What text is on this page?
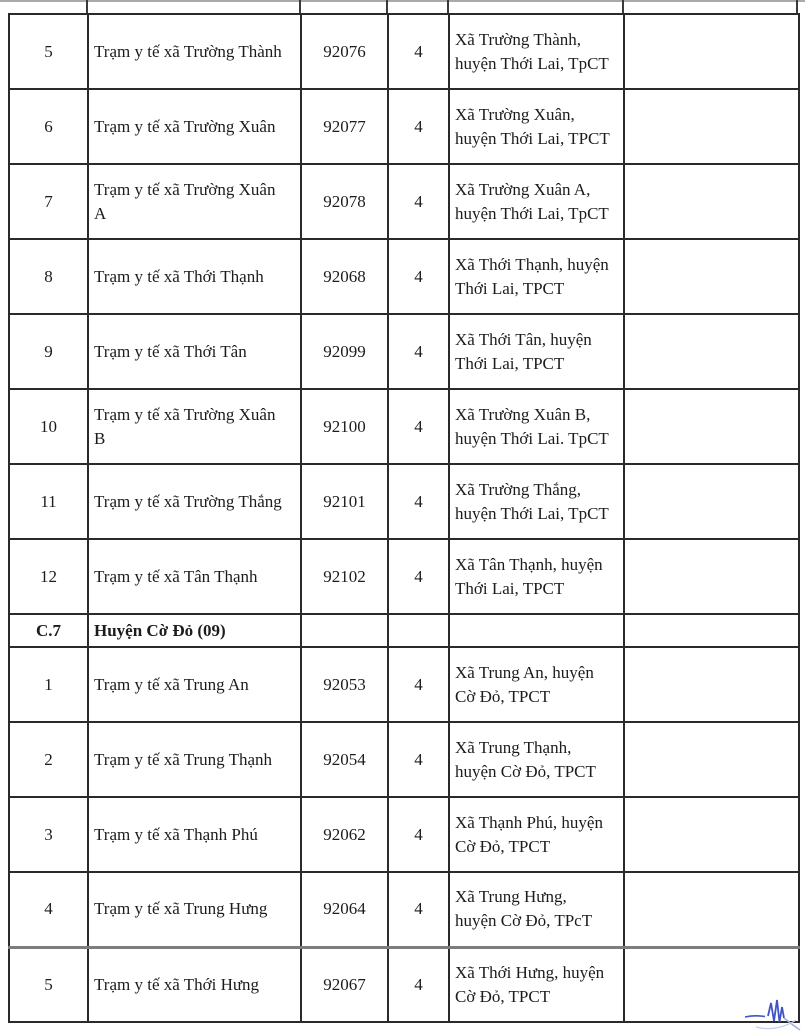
5	Trạm y tế xã Trường Thành	92076	4	Xã Trường Thành, huyện Thới Lai, TpCT	

6	Trạm y tế xã Trường Xuân	92077	4	Xã Trường Xuân, huyện Thới Lai, TPCT	

7	Trạm y tế xã Trường Xuân A	92078	4	Xã Trường Xuân A, huyện Thới Lai, TpCT	

8	Trạm y tế xã Thới Thạnh	92068	4	Xã Thới Thạnh, huyện Thới Lai, TPCT	

9	Trạm y tế xã Thới Tân	92099	4	Xã Thới Tân, huyện Thới Lai, TPCT	

10	Trạm y tế xã Trường Xuân B	92100	4	Xã Trường Xuân B, huyện Thới Lai. TpCT	

11	Trạm y tế xã Trường Thắng	92101	4	Xã Trường Thắng, huyện Thới Lai, TpCT	

12	Trạm y tế xã Tân Thạnh	92102	4	Xã Tân Thạnh, huyện Thới Lai, TPCT	

C.7	Huyện Cờ Đỏ (09)				
1	Trạm y tế xã Trung An	92053	4	Xã Trung An, huyện Cờ Đỏ, TPCT	

2	Trạm y tế xã Trung Thạnh	92054	4	Xã Trung Thạnh, huyện Cờ Đỏ, TPCT	

3	Trạm y tế xã Thạnh Phú	92062	4	Xã Thạnh Phú, huyện Cờ Đỏ, TPCT	

4	Trạm y tế xã Trung Hưng	92064	4	Xã Trung Hưng, huyện Cờ Đỏ, TPcT	

5	Trạm y tế xã Thới Hưng	92067	4	Xã Thới Hưng, huyện Cờ Đỏ, TPCT	
